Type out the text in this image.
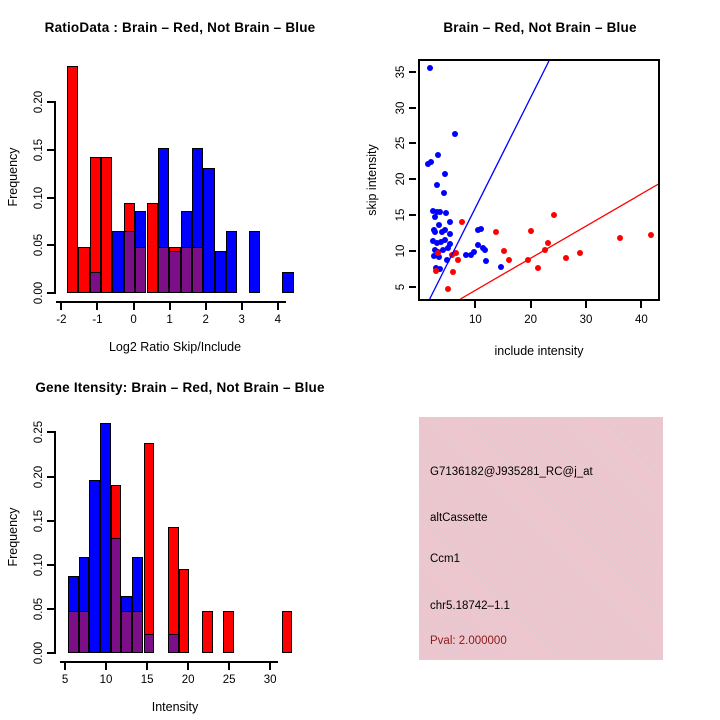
RatioData : Brain – Red, Not Brain – Blue
Frequency
Log2 Ratio Skip/Include
-2	-1	0	1	2	3	4
0.00
0.05
0.10
0.15
0.20
Brain – Red, Not Brain – Blue
skip intensity
include intensity
10	20	30	40
5
10
15
20
25
30
35
Gene Itensity: Brain – Red, Not Brain – Blue
Frequency
Intensity
5	10	15	20	25	30
0.00
0.05
0.10
0.15
0.20
0.25
G7136182@J935281_RC@j_at
altCassette
Ccm1
chr5.18742–1.1
Pval: 2.000000
